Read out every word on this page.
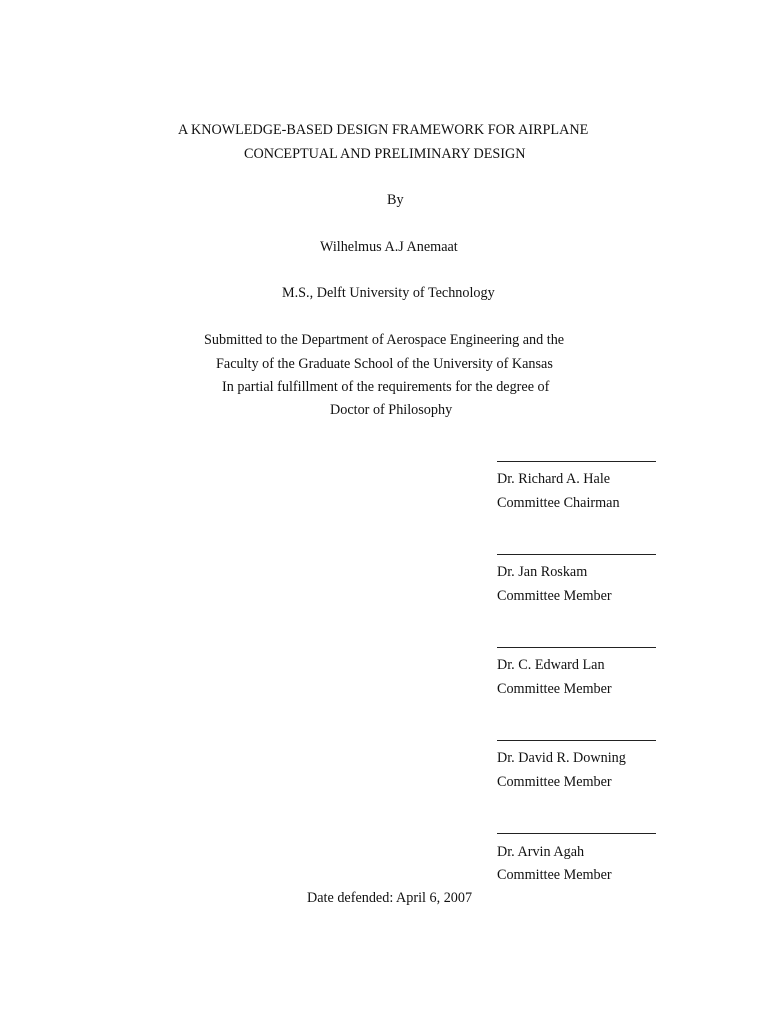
A KNOWLEDGE-BASED DESIGN FRAMEWORK FOR AIRPLANE
CONCEPTUAL AND PRELIMINARY DESIGN
By
Wilhelmus A.J Anemaat
M.S., Delft University of Technology
Submitted to the Department of Aerospace Engineering and the
Faculty of the Graduate School of the University of Kansas
In partial fulfillment of the requirements for the degree of
Doctor of Philosophy
Dr. Richard A. Hale
Committee Chairman
Dr. Jan Roskam
Committee Member
Dr. C. Edward Lan
Committee Member
Dr. David R. Downing
Committee Member
Dr. Arvin Agah
Committee Member
Date defended: April 6, 2007
